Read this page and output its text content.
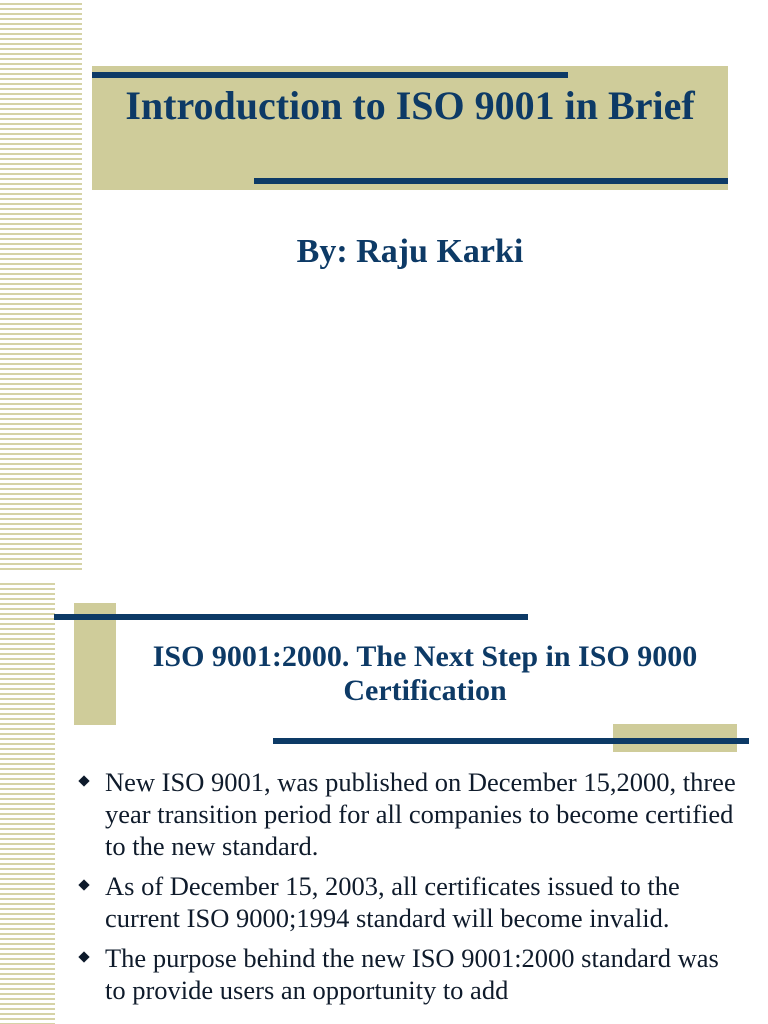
Introduction to ISO 9001 in Brief
By: Raju Karki
ISO 9001:2000. The Next Step in ISO 9000 Certification
New ISO 9001, was published on December 15,2000, three year transition period for all companies to become certified to the new standard.
As of December 15, 2003, all certificates issued to the current ISO 9000;1994 standard will become invalid.
The purpose behind the new ISO 9001:2000 standard was to provide users an opportunity to add
